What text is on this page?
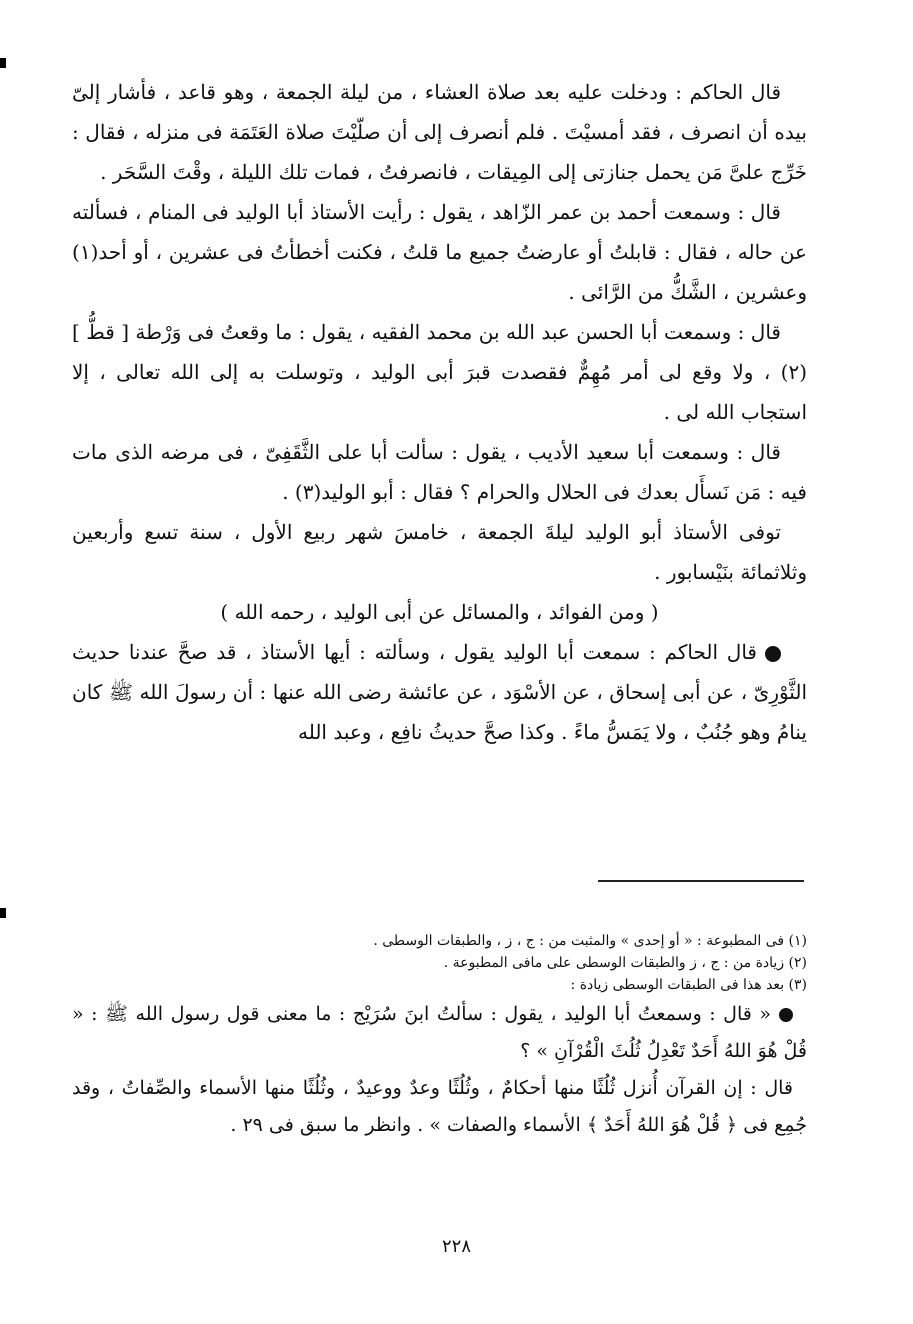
قال الحاكم : ودخلت عليه بعد صلاة العشاء ، من ليلة الجمعة ، وهو قاعد ، فأشار إلىّ بيده أن انصرف ، فقد أمسيْتَ . فلم أنصرف إلى أن صلّيْتَ صلاة العَتَمَة فى منزله ، فقال : خَرِّج علىَّ مَن يحمل جنازتى إلى المِيقات ، فانصرفتُ ، فمات تلك الليلة ، وقْتَ السَّحَر .

قال : وسمعت أحمد بن عمر الزّاهد ، يقول : رأيت الأستاذ أبا الوليد فى المنام ، فسألته عن حاله ، فقال : قابلتُ أو عارضتُ جميع ما قلتُ ، فكنت أخطأتُ فى عشرين ، أو أحد(١) وعشرين ، الشَّكُّ من الرَّائى .

قال : وسمعت أبا الحسن عبد الله بن محمد الفقيه ، يقول : ما وقعتُ فى وَرْطة [ قطُّ ](٢) ، ولا وقع لى أمر مُهِمٌّ فقصدت قبرَ أبى الوليد ، وتوسلت به إلى الله تعالى ، إلا استجاب الله لى .

قال : وسمعت أبا سعيد الأديب ، يقول : سألت أبا على الثَّقَفِىّ ، فى مرضه الذى مات فيه : مَن نَسأَل بعدك فى الحلال والحرام ؟ فقال : أبو الوليد(٣) .

توفى الأستاذ أبو الوليد ليلةَ الجمعة ، خامسَ شهر ربيع الأول ، سنة تسع وأربعين وثلاثمائة بنَيْسابور .

( ومن الفوائد ، والمسائل عن أبى الوليد ، رحمه الله )

قال الحاكم : سمعت أبا الوليد يقول ، وسألته : أيها الأستاذ ، قد صحَّ عندنا حديث الثَّوْرِىّ ، عن أبى إسحاق ، عن الأسْوَد ، عن عائشة رضى الله عنها : أن رسولَ الله ﷺ كان ينامُ وهو جُنُبٌ ، ولا يَمَسُّ ماءً . وكذا صحَّ حديثُ نافِع ، وعبد الله

(١) فى المطبوعة : « أو إحدى » والمثبت من : ج ، ز ، والطبقات الوسطى .

(٢) زيادة من : ج ، ز والطبقات الوسطى على مافى المطبوعة .

(٣) بعد هذا فى الطبقات الوسطى زيادة :

« قال : وسمعتُ أبا الوليد ، يقول : سألتُ ابنَ سُرَيْج : ما معنى قول رسول الله ﷺ : « قُلْ هُوَ اللهُ أَحَدٌ تَعْدِلُ ثُلُثَ الْقُرْآنِ » ؟

قال : إن القرآن أُنزل ثُلُثًا منها أحكامٌ ، وثُلُثًا وعدٌ ووعيدٌ ، وثُلُثًا منها الأسماء والصِّفاتُ ، وقد جُمِع فى ﴿ قُلْ هُوَ اللهُ أَحَدٌ ﴾ الأسماء والصفات » . وانظر ما سبق فى ٢٩ .

٢٢٨
